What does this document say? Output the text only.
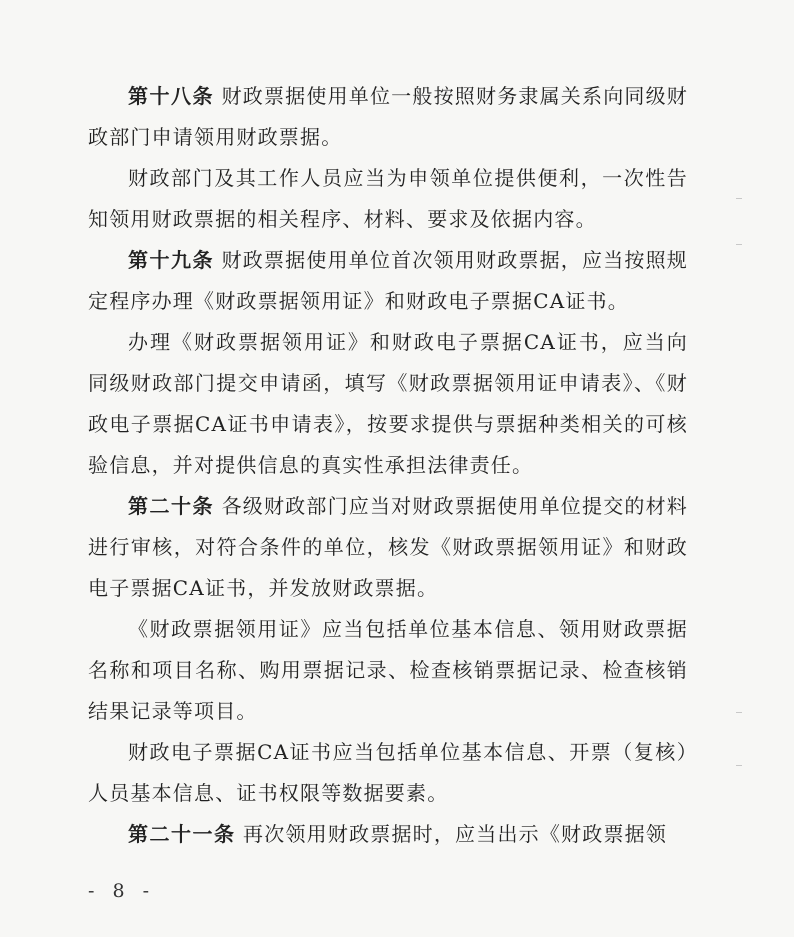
第十八条 财政票据使用单位一般按照财务隶属关系向同级财政部门申请领用财政票据。

财政部门及其工作人员应当为申领单位提供便利，一次性告知领用财政票据的相关程序、材料、要求及依据内容。

第十九条 财政票据使用单位首次领用财政票据，应当按照规定程序办理《财政票据领用证》和财政电子票据CA证书。

办理《财政票据领用证》和财政电子票据CA证书，应当向同级财政部门提交申请函，填写《财政票据领用证申请表》、《财政电子票据CA证书申请表》，按要求提供与票据种类相关的可核验信息，并对提供信息的真实性承担法律责任。

第二十条 各级财政部门应当对财政票据使用单位提交的材料进行审核，对符合条件的单位，核发《财政票据领用证》和财政电子票据CA证书，并发放财政票据。

《财政票据领用证》应当包括单位基本信息、领用财政票据名称和项目名称、购用票据记录、检查核销票据记录、检查核销结果记录等项目。

财政电子票据CA证书应当包括单位基本信息、开票（复核）人员基本信息、证书权限等数据要素。

第二十一条 再次领用财政票据时，应当出示《财政票据领

- 8 -
